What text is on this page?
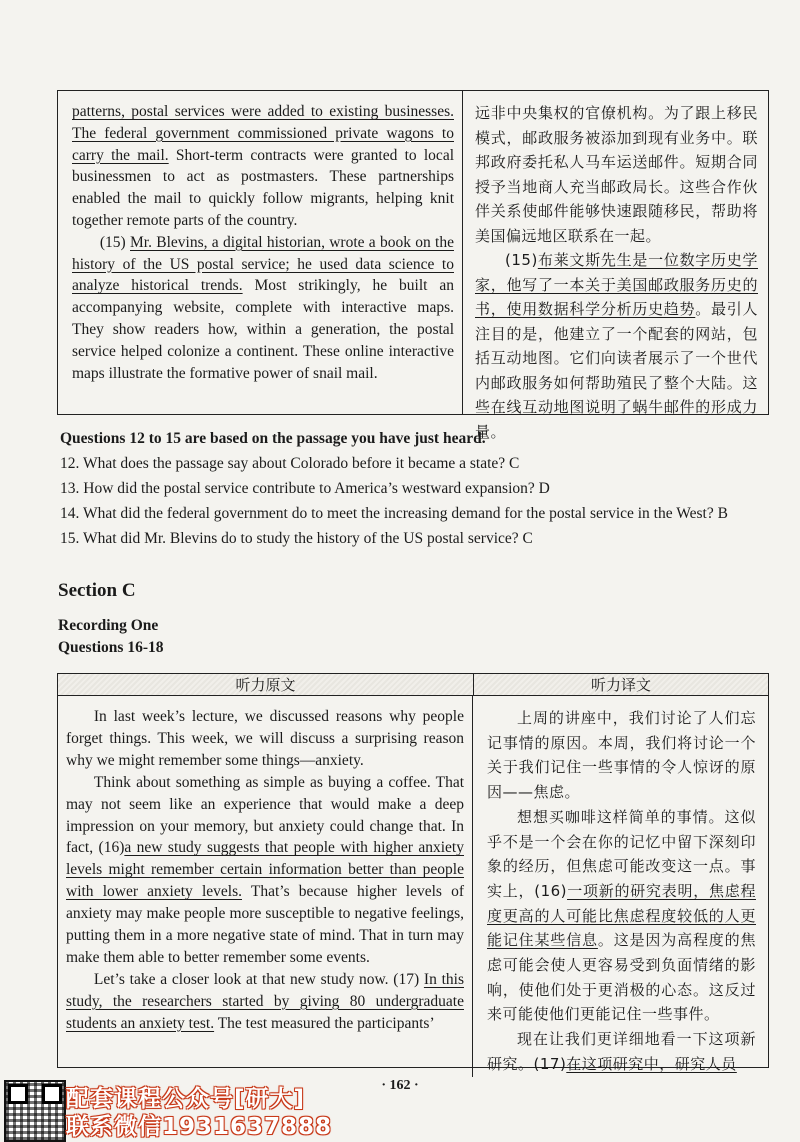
patterns, postal services were added to existing businesses. The federal government commissioned private wagons to carry the mail. Short-term contracts were granted to local businessmen to act as postmasters. These partnerships enabled the mail to quickly follow migrants, helping knit together remote parts of the country.

(15) Mr. Blevins, a digital historian, wrote a book on the history of the US postal service; he used data science to analyze historical trends. Most strikingly, he built an accompanying website, complete with interactive maps. They show readers how, within a generation, the postal service helped colonize a continent. These online interactive maps illustrate the formative power of snail mail.

远非中央集权的官僚机构。为了跟上移民模式，邮政服务被添加到现有业务中。联邦政府委托私人马车运送邮件。短期合同授予当地商人充当邮政局长。这些合作伙伴关系使邮件能够快速跟随移民，帮助将美国偏远地区联系在一起。

(15)布莱文斯先生是一位数字历史学家，他写了一本关于美国邮政服务历史的书，使用数据科学分析历史趋势。最引人注目的是，他建立了一个配套的网站，包括互动地图。它们向读者展示了一个世代内邮政服务如何帮助殖民了整个大陆。这些在线互动地图说明了蜗牛邮件的形成力量。

Questions 12 to 15 are based on the passage you have just heard.
12. What does the passage say about Colorado before it became a state? C
13. How did the postal service contribute to America’s westward expansion? D
14. What did the federal government do to meet the increasing demand for the postal service in the West? B
15. What did Mr. Blevins do to study the history of the US postal service? C
Section C
Recording One
Questions 16-18
听力原文	听力译文

In last week’s lecture, we discussed reasons why people forget things. This week, we will discuss a surprising reason why we might remember some things—anxiety.

Think about something as simple as buying a coffee. That may not seem like an experience that would make a deep impression on your memory, but anxiety could change that. In fact, (16)a new study suggests that people with higher anxiety levels might remember certain information better than people with lower anxiety levels. That’s because higher levels of anxiety may make people more susceptible to negative feelings, putting them in a more negative state of mind. That in turn may make them able to better remember some events.

Let’s take a closer look at that new study now. (17) In this study, the researchers started by giving 80 undergraduate students an anxiety test. The test measured the participants’

上周的讲座中，我们讨论了人们忘记事情的原因。本周，我们将讨论一个关于我们记住一些事情的令人惊讶的原因——焦虑。

想想买咖啡这样简单的事情。这似乎不是一个会在你的记忆中留下深刻印象的经历，但焦虑可能改变这一点。事实上，(16)一项新的研究表明，焦虑程度更高的人可能比焦虑程度较低的人更能记住某些信息。这是因为高程度的焦虑可能会使人更容易受到负面情绪的影响，使他们处于更消极的心态。这反过来可能使他们更能记住一些事件。

现在让我们更详细地看一下这项新研究。(17)在这项研究中，研究人员

· 162 ·
配套课程公众号[研大]
联系微信1931637888
